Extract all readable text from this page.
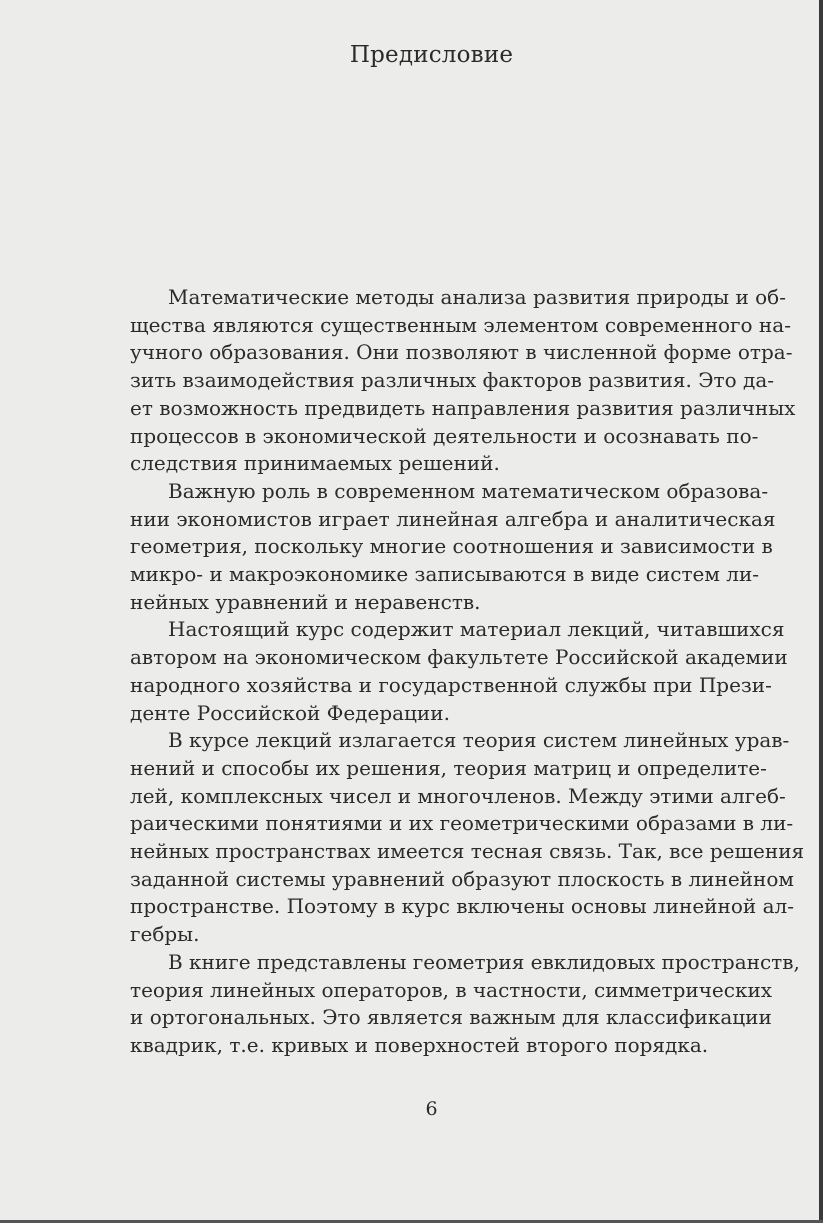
Предисловие

Математические методы анализа развития природы и об-
щества являются существенным элементом современного на-
учного образования. Они позволяют в численной форме отра-
зить взаимодействия различных факторов развития. Это да-
ет возможность предвидеть направления развития различных
процессов в экономической деятельности и осознавать по-
следствия принимаемых решений.

Важную роль в современном математическом образова-
нии экономистов играет линейная алгебра и аналитическая
геометрия, поскольку многие соотношения и зависимости в
микро- и макроэкономике записываются в виде систем ли-
нейных уравнений и неравенств.

Настоящий курс содержит материал лекций, читавшихся
автором на экономическом факультете Российской академии
народного хозяйства и государственной службы при Прези-
денте Российской Федерации.

В курсе лекций излагается теория систем линейных урав-
нений и способы их решения, теория матриц и определите-
лей, комплексных чисел и многочленов. Между этими алгеб-
раическими понятиями и их геометрическими образами в ли-
нейных пространствах имеется тесная связь. Так, все решения
заданной системы уравнений образуют плоскость в линейном
пространстве. Поэтому в курс включены основы линейной ал-
гебры.

В книге представлены геометрия евклидовых пространств,
теория линейных операторов, в частности, симметрических
и ортогональных. Это является важным для классификации
квадрик, т.е. кривых и поверхностей второго порядка.

6
